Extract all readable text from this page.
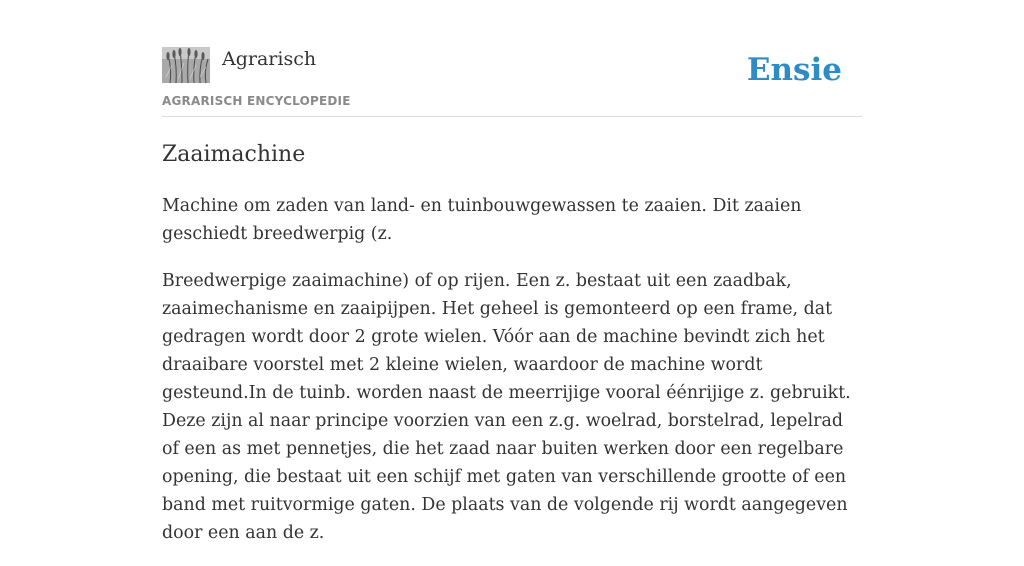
Agrarisch
AGRARISCH ENCYCLOPEDIE
Ensie
Zaaimachine

Machine om zaden van land- en tuinbouwgewassen te zaaien. Dit zaaien geschiedt breedwerpig (z.

Breedwerpige zaaimachine) of op rijen. Een z. bestaat uit een zaadbak, zaaimechanisme en zaaipijpen. Het geheel is gemonteerd op een frame, dat gedragen wordt door 2 grote wielen. Vóór aan de machine bevindt zich het draaibare voorstel met 2 kleine wielen, waardoor de machine wordt gesteund.In de tuinb. worden naast de meerrijige vooral éénrijige z. gebruikt. Deze zijn al naar principe voorzien van een z.g. woelrad, borstelrad, lepelrad of een as met pennetjes, die het zaad naar buiten werken door een regelbare opening, die bestaat uit een schijf met gaten van verschillende grootte of een band met ruitvormige gaten. De plaats van de volgende rij wordt aangegeven door een aan de z.
